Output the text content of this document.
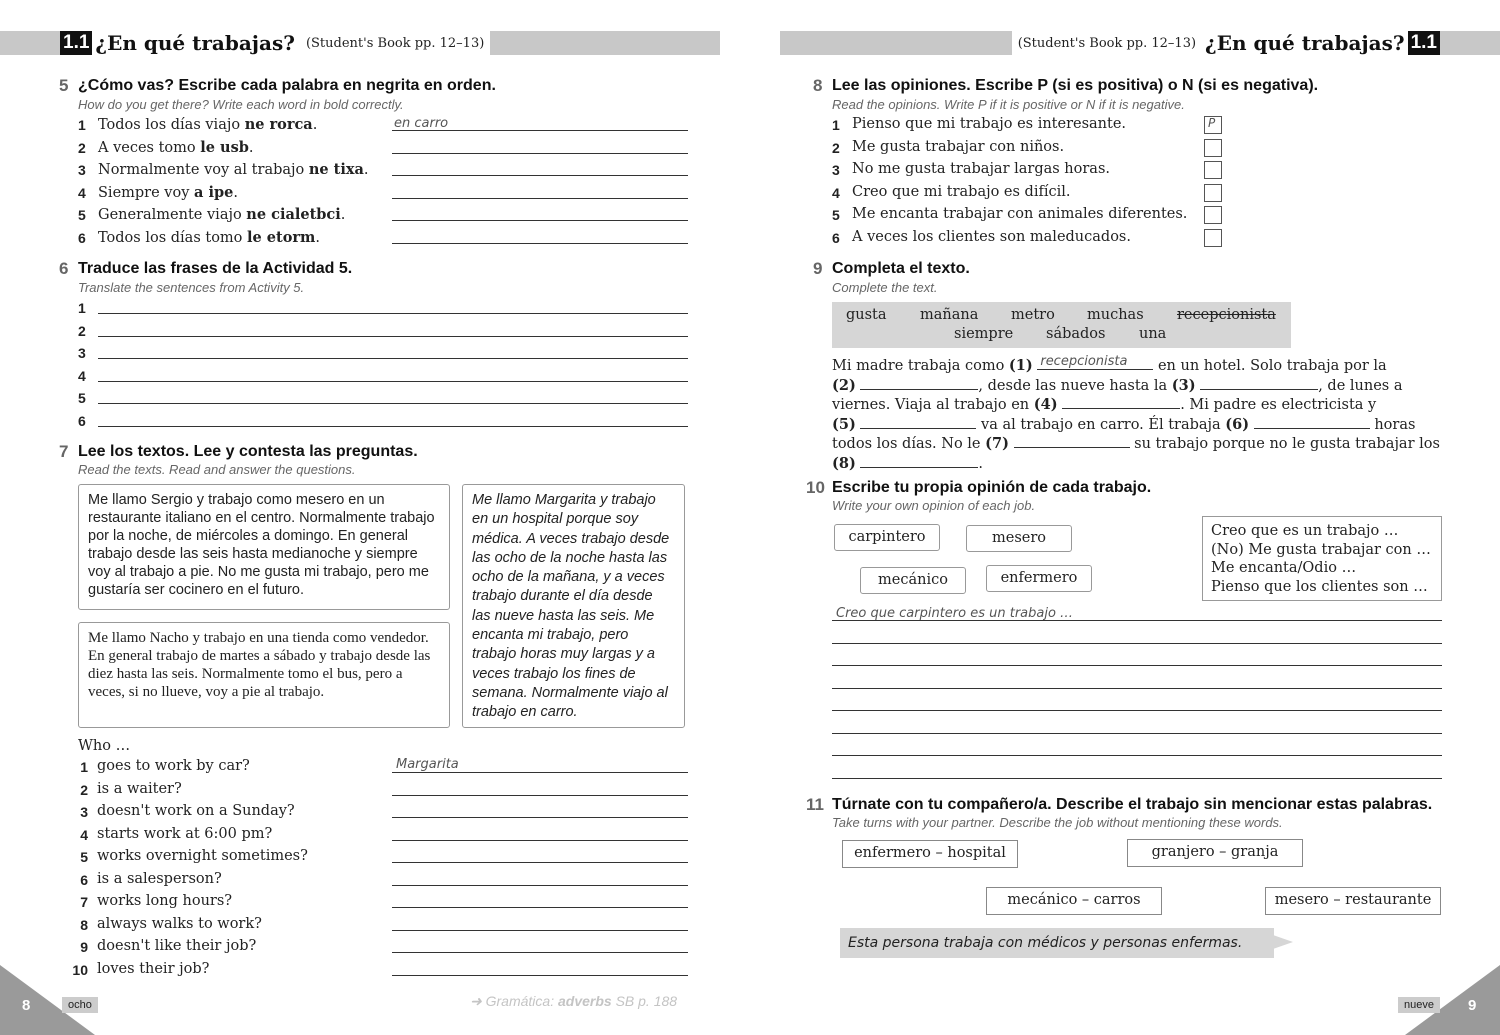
1.1 ¿En qué trabajas? (Student's Book pp. 12–13)	(Student's Book pp. 12–13) ¿En qué trabajas? 1.1
5 ¿Cómo vas? Escribe cada palabra en negrita en orden.
How do you get there? Write each word in bold correctly.
1 Todos los días viajo ne rorca.	en carro
2 A veces tomo le usb.
3 Normalmente voy al trabajo ne tixa.
4 Siempre voy a ipe.
5 Generalmente viajo ne cialetbci.
6 Todos los días tomo le etorm.
6 Traduce las frases de la Actividad 5.
Translate the sentences from Activity 5.
1
2
3
4
5
6
7 Lee los textos. Lee y contesta las preguntas.
Read the texts. Read and answer the questions.
Me llamo Sergio y trabajo como mesero en un restaurante italiano en el centro. Normalmente trabajo por la noche, de miércoles a domingo. En general trabajo desde las seis hasta medianoche y siempre voy al trabajo a pie. No me gusta mi trabajo, pero me gustaría ser cocinero en el futuro.
Me llamo Nacho y trabajo en una tienda como vendedor. En general trabajo de martes a sábado y trabajo desde las diez hasta las seis. Normalmente tomo el bus, pero a veces, si no llueve, voy a pie al trabajo.
Me llamo Margarita y trabajo en un hospital porque soy médica. A veces trabajo desde las ocho de la noche hasta las ocho de la mañana, y a veces trabajo durante el día desde las nueve hasta las seis. Me encanta mi trabajo, pero trabajo horas muy largas y a veces trabajo los fines de semana. Normalmente viajo al trabajo en carro.
Who …
1 goes to work by car?	Margarita
2 is a waiter?
3 doesn't work on a Sunday?
4 starts work at 6:00 pm?
5 works overnight sometimes?
6 is a salesperson?
7 works long hours?
8 always walks to work?
9 doesn't like their job?
10 loves their job?
8 Lee las opiniones. Escribe P (si es positiva) o N (si es negativa).
Read the opinions. Write P if it is positive or N if it is negative.
1 Pienso que mi trabajo es interesante.	P
2 Me gusta trabajar con niños.
3 No me gusta trabajar largas horas.
4 Creo que mi trabajo es difícil.
5 Me encanta trabajar con animales diferentes.
6 A veces los clientes son maleducados.
9 Completa el texto.
Complete the text.
gusta	mañana	metro	muchas	recepcionista
siempre	sábados	una
Mi madre trabaja como (1) recepcionista en un hotel. Solo trabaja por la
(2)	, desde las nueve hasta la (3)	, de lunes a
viernes. Viaja al trabajo en (4)	. Mi padre es electricista y
(5)	va al trabajo en carro. Él trabaja (6)	horas
todos los días. No le (7)	su trabajo porque no le gusta trabajar los
(8)	.
10 Escribe tu propia opinión de cada trabajo.
Write your own opinion of each job.
carpintero	mesero
mecánico	enfermero
Creo que es un trabajo …
(No) Me gusta trabajar con …
Me encanta/Odio …
Pienso que los clientes son …
Creo que carpintero es un trabajo …
11 Túrnate con tu compañero/a. Describe el trabajo sin mencionar estas palabras.
Take turns with your partner. Describe the job without mentioning these words.
enfermero – hospital	granjero – granja
mecánico – carros	mesero – restaurante
Esta persona trabaja con médicos y personas enfermas.
8	ocho	➜ Gramática: adverbs SB p. 188	nueve	9
